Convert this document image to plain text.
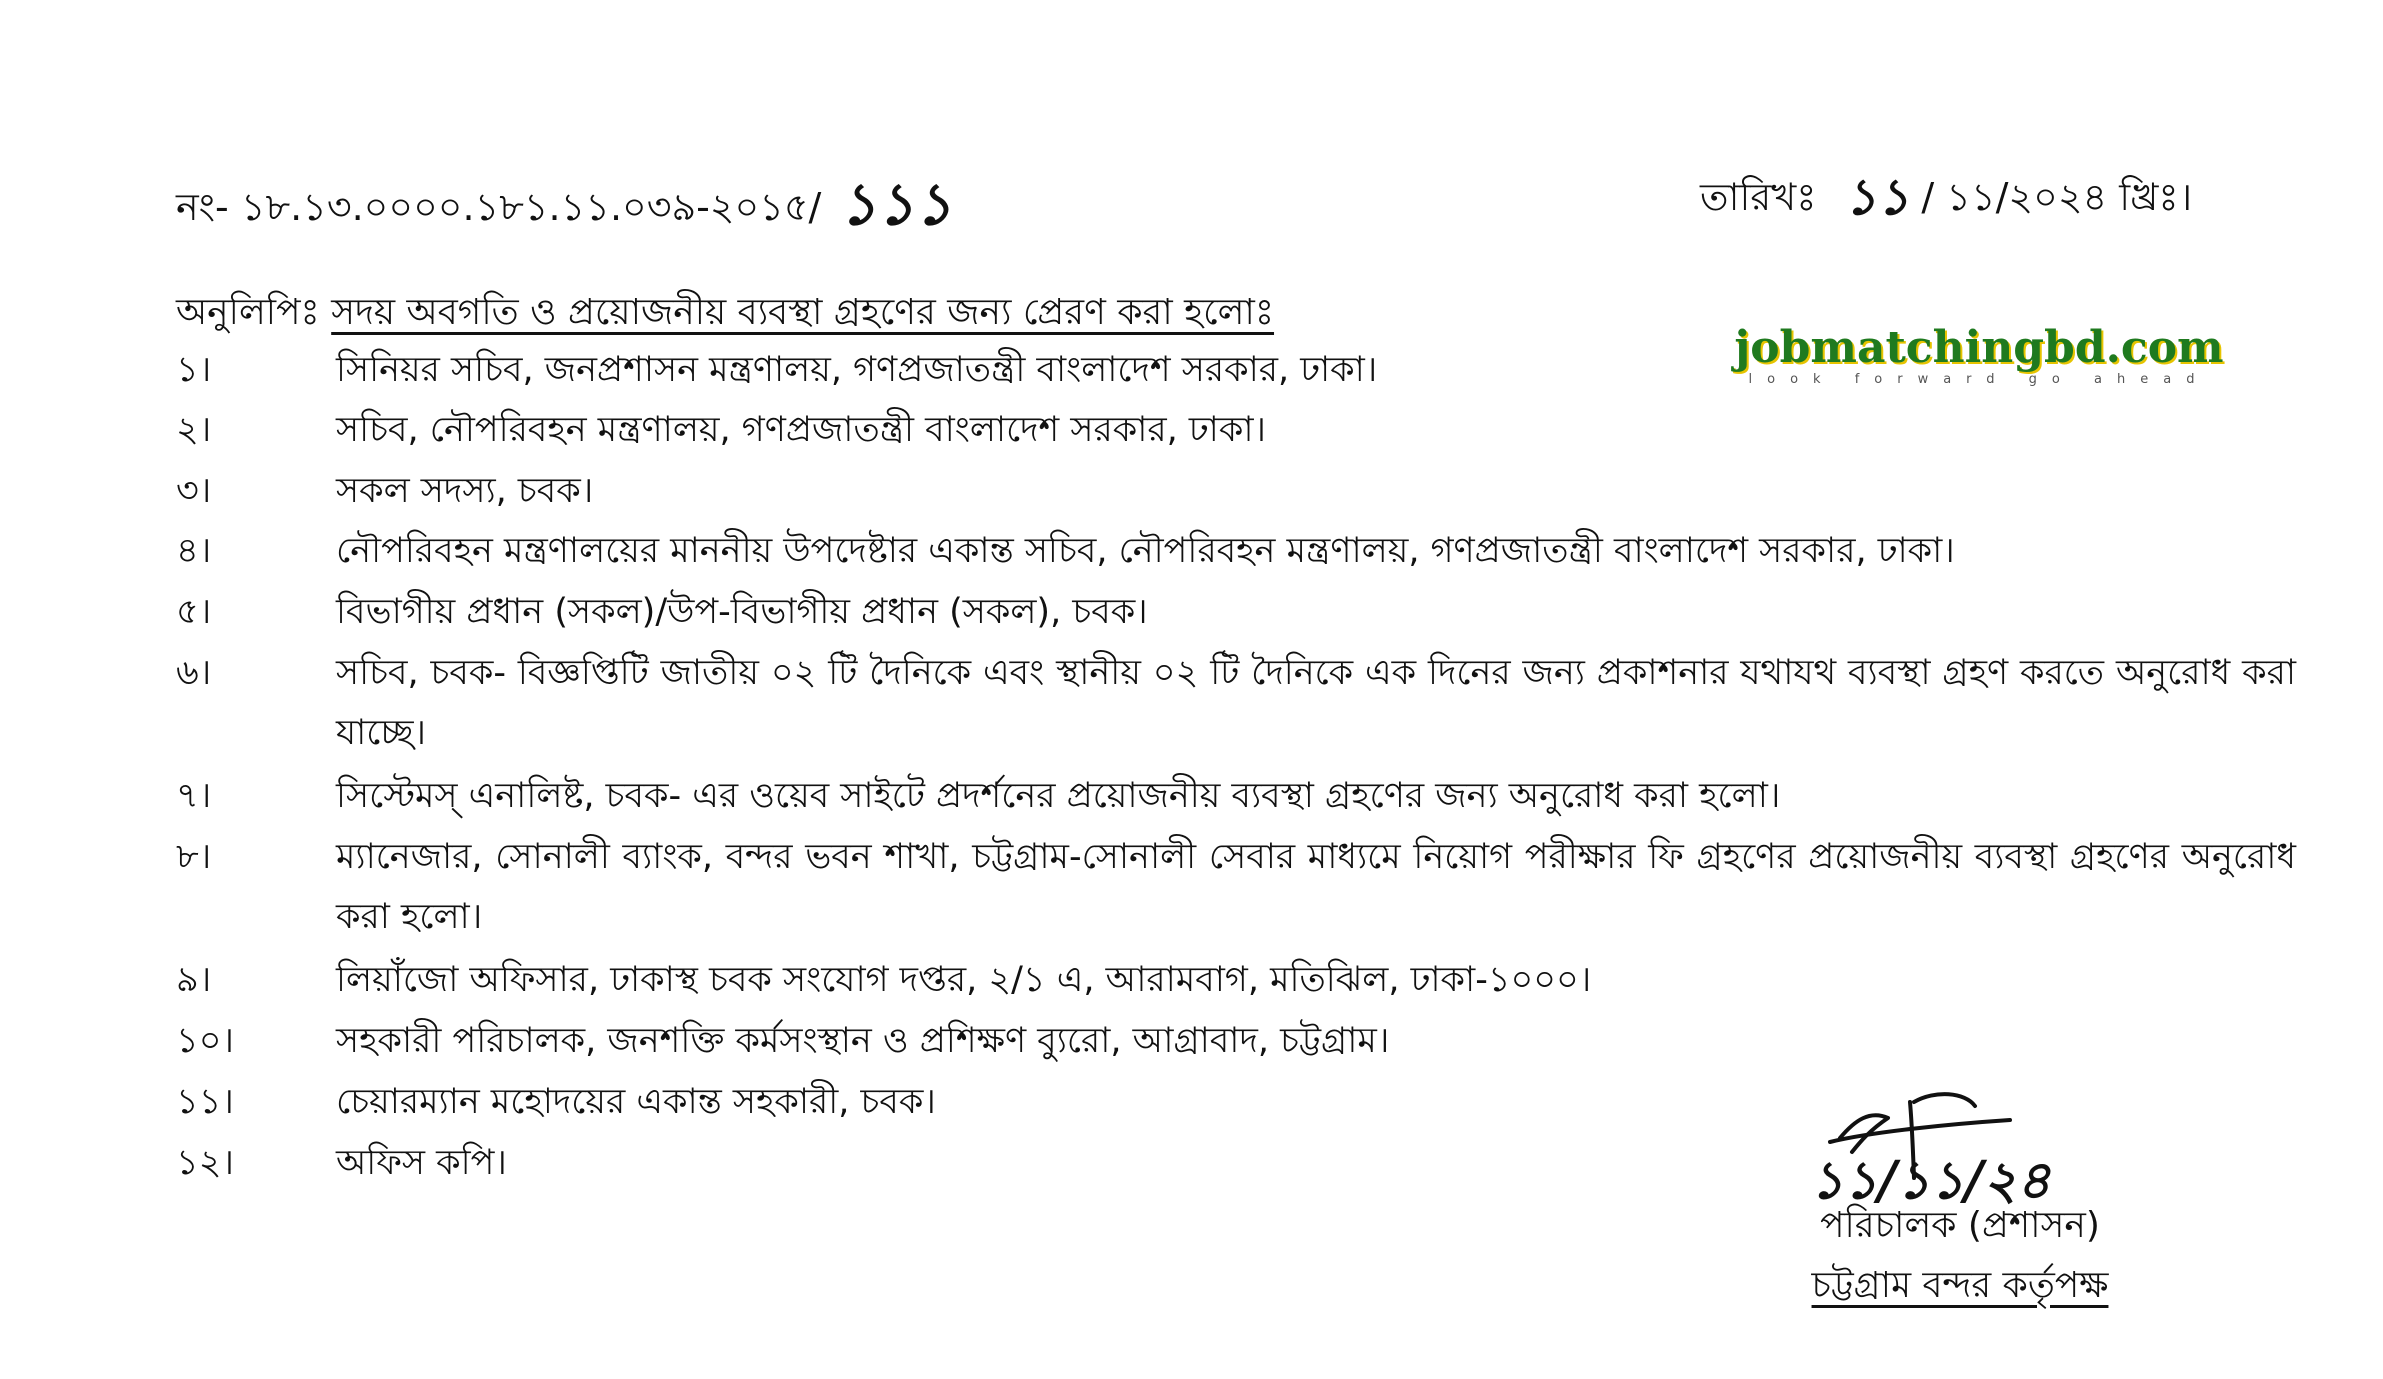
নং- ১৮.১৩.০০০০.১৮১.১১.০৩৯-২০১৫/ ১১১	তারিখঃ ১১ / ১১/২০২৪ খ্রিঃ।
অনুলিপিঃ সদয় অবগতি ও প্রয়োজনীয় ব্যবস্থা গ্রহণের জন্য প্রেরণ করা হলোঃ
jobmatchingbd.com
look forward go ahead
১।	সিনিয়র সচিব, জনপ্রশাসন মন্ত্রণালয়, গণপ্রজাতন্ত্রী বাংলাদেশ সরকার, ঢাকা।
২।	সচিব, নৌপরিবহন মন্ত্রণালয়, গণপ্রজাতন্ত্রী বাংলাদেশ সরকার, ঢাকা।
৩।	সকল সদস্য, চবক।
৪।	নৌপরিবহন মন্ত্রণালয়ের মাননীয় উপদেষ্টার একান্ত সচিব, নৌপরিবহন মন্ত্রণালয়, গণপ্রজাতন্ত্রী বাংলাদেশ সরকার, ঢাকা।
৫।	বিভাগীয় প্রধান (সকল)/উপ-বিভাগীয় প্রধান (সকল), চবক।
৬।	সচিব, চবক- বিজ্ঞপ্তিটি জাতীয় ০২ টি দৈনিকে এবং স্থানীয় ০২ টি দৈনিকে এক দিনের জন্য প্রকাশনার যথাযথ ব্যবস্থা গ্রহণ করতে অনুরোধ করা যাচ্ছে।
৭।	সিস্টেমস্ এনালিষ্ট, চবক- এর ওয়েব সাইটে প্রদর্শনের প্রয়োজনীয় ব্যবস্থা গ্রহণের জন্য অনুরোধ করা হলো।
৮।	ম্যানেজার, সোনালী ব্যাংক, বন্দর ভবন শাখা, চট্টগ্রাম-সোনালী সেবার মাধ্যমে নিয়োগ পরীক্ষার ফি গ্রহণের প্রয়োজনীয় ব্যবস্থা গ্রহণের অনুরোধ করা হলো।
৯।	লিয়াঁজো অফিসার, ঢাকাস্থ চবক সংযোগ দপ্তর, ২/১ এ, আরামবাগ, মতিঝিল, ঢাকা-১০০০।
১০।	সহকারী পরিচালক, জনশক্তি কর্মসংস্থান ও প্রশিক্ষণ ব্যুরো, আগ্রাবাদ, চট্টগ্রাম।
১১।	চেয়ারম্যান মহোদয়ের একান্ত সহকারী, চবক।
১২।	অফিস কপি।	১১/১১/২৪
পরিচালক (প্রশাসন)
চট্টগ্রাম বন্দর কর্তৃপক্ষ
